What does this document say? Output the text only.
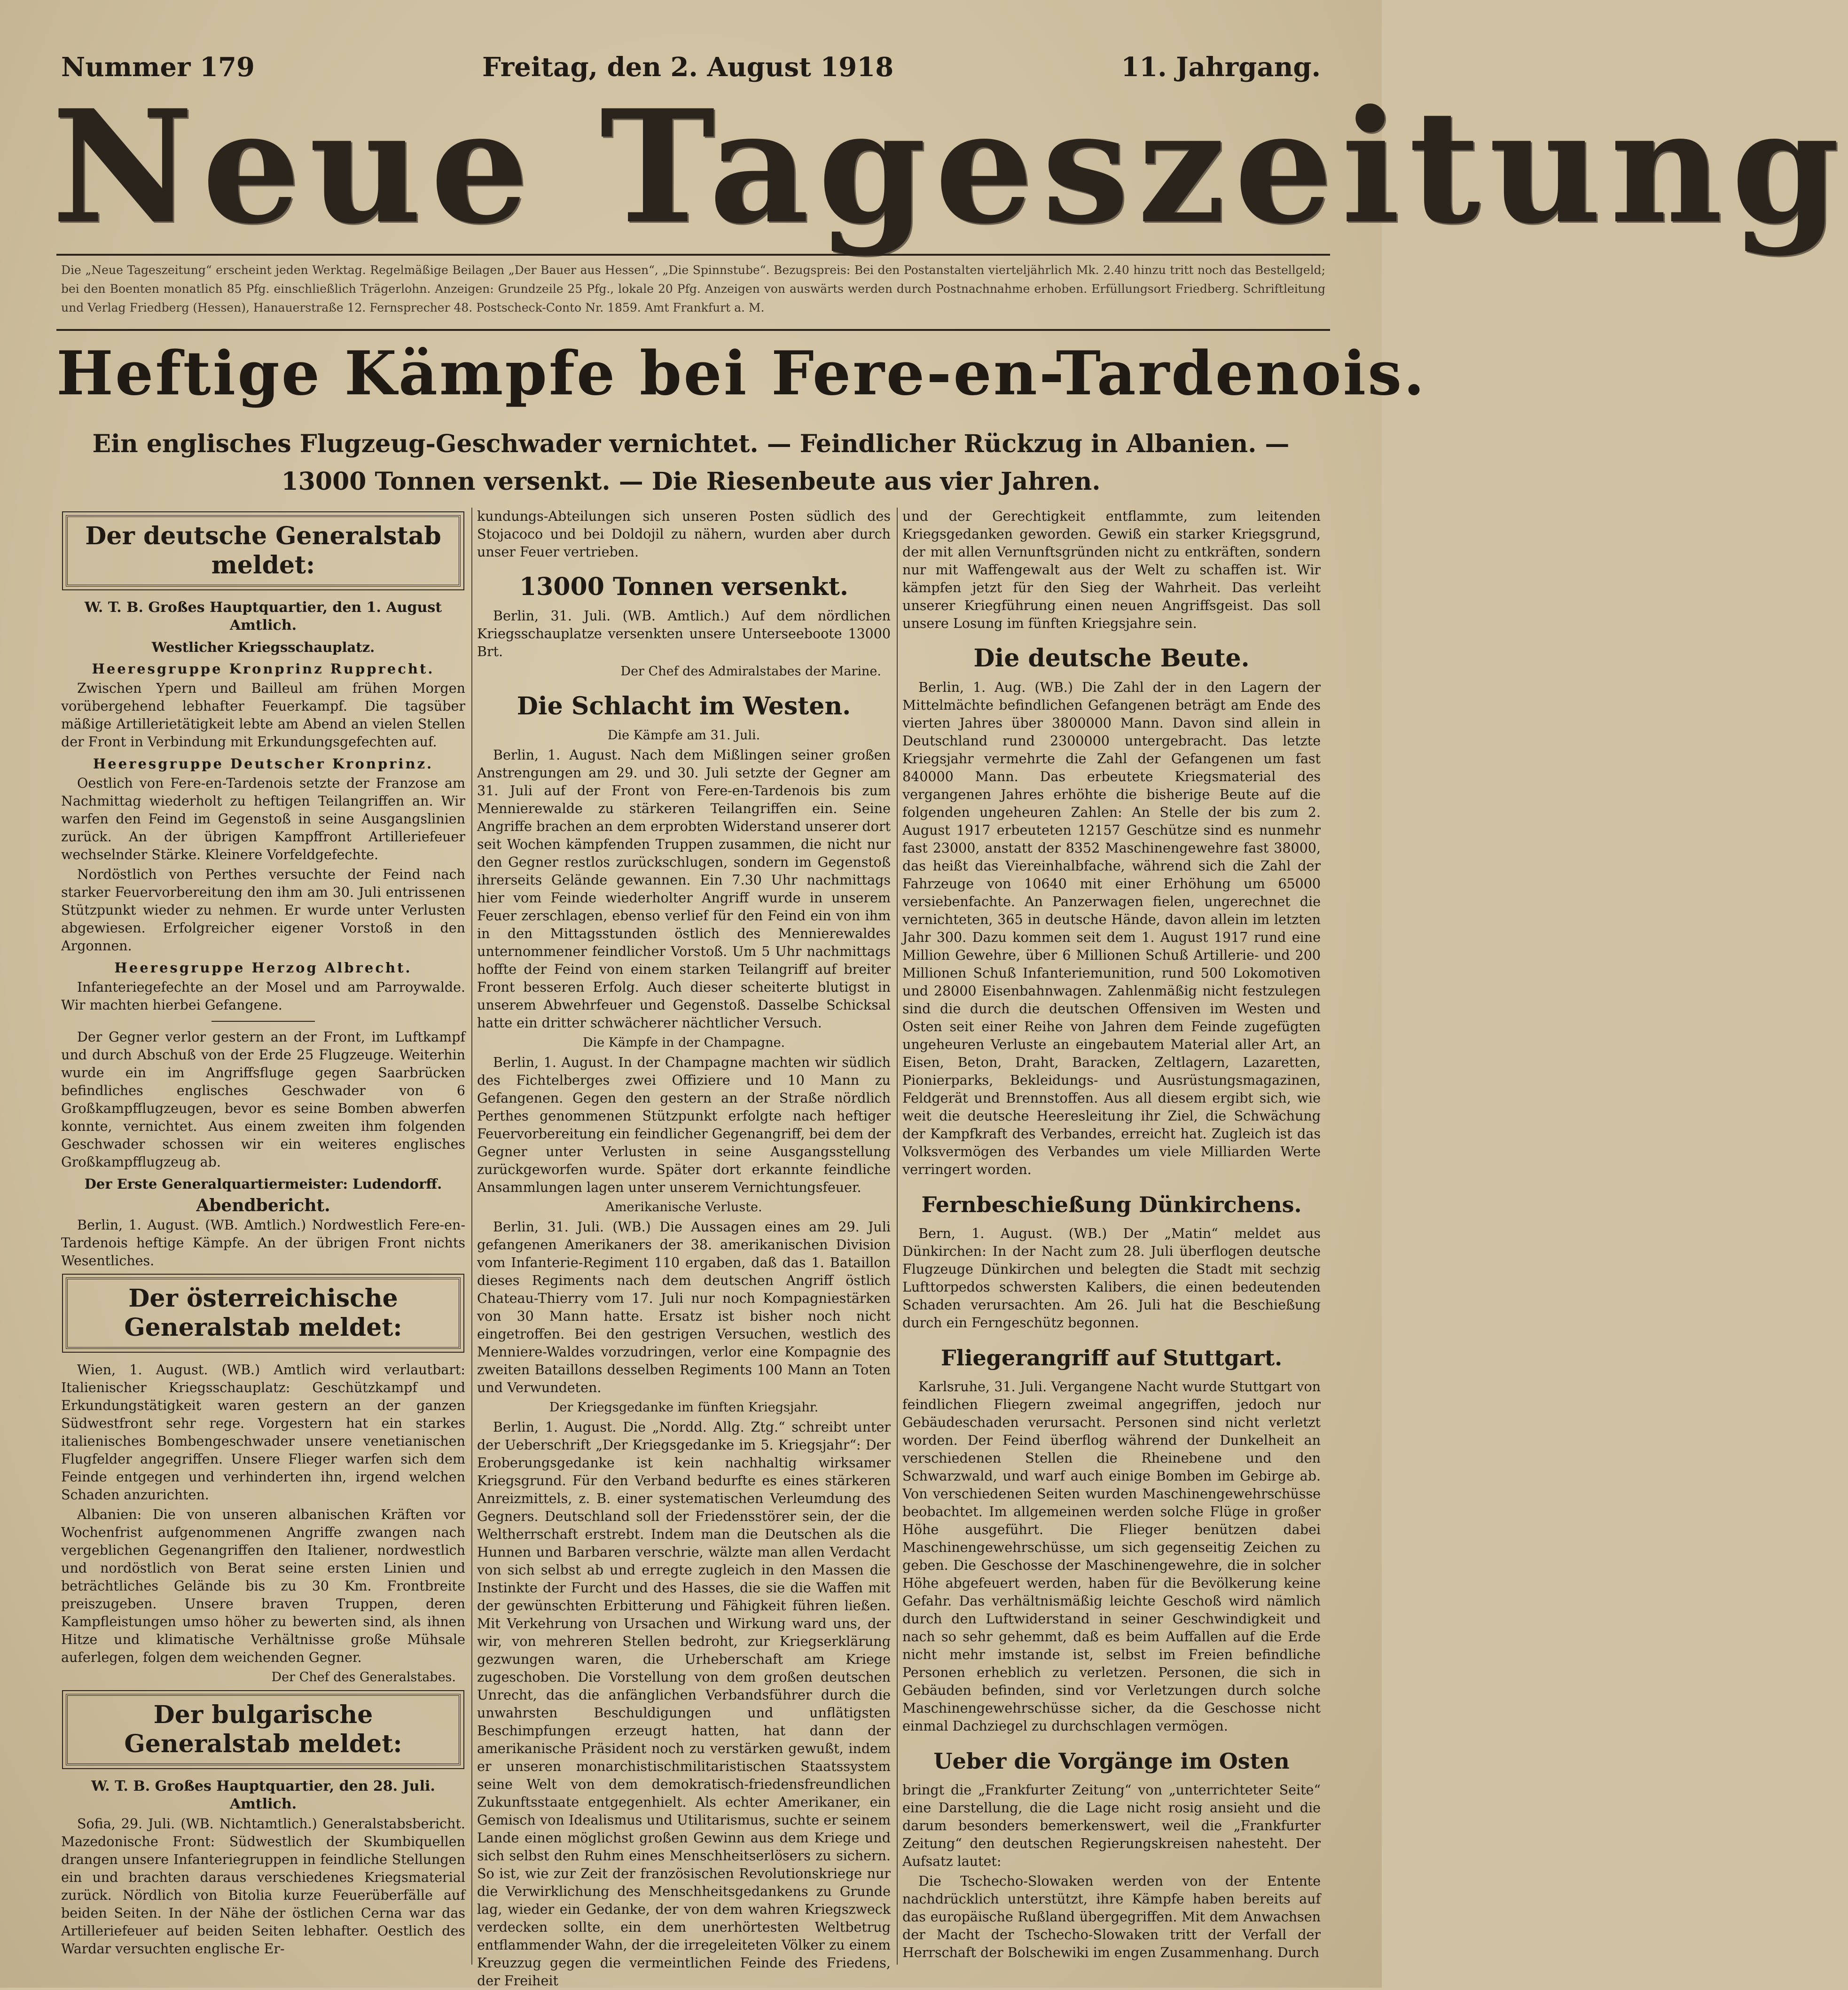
Nummer 179	Freitag, den 2. August 1918	11. Jahrgang.
Neue Tageszeitung
Die „Neue Tageszeitung“ erscheint jeden Werktag. Regelmäßige Beilagen „Der Bauer aus Hessen“, „Die Spinnstube“. Bezugspreis: Bei den Postanstalten vierteljährlich Mk. 2.40 hinzu tritt noch das Bestellgeld; bei den Boenten monatlich 85 Pfg. einschließlich Trägerlohn. Anzeigen: Grundzeile 25 Pfg., lokale 20 Pfg. Anzeigen von auswärts werden durch Postnachnahme erhoben. Erfüllungsort Friedberg. Schriftleitung und Verlag Friedberg (Hessen), Hanauerstraße 12. Fernsprecher 48. Postscheck-Conto Nr. 1859. Amt Frankfurt a. M.
Heftige Kämpfe bei Fere-en-Tardenois.
Ein englisches Flugzeug-Geschwader vernichtet. — Feindlicher Rückzug in Albanien. — 13000 Tonnen versenkt. — Die Riesenbeute aus vier Jahren.
Der deutsche Generalstab meldet:
W. T. B. Großes Hauptquartier, den 1. August Amtlich.
Westlicher Kriegsschauplatz.
Heeresgruppe Kronprinz Rupprecht.

Zwischen Ypern und Bailleul am frühen Morgen vorübergehend lebhafter Feuerkampf. Die tagsüber mäßige Artillerietätigkeit lebte am Abend an vielen Stellen der Front in Verbindung mit Erkundungsgefechten auf.

Heeresgruppe Deutscher Kronprinz.

Oestlich von Fere-en-Tardenois setzte der Franzose am Nachmittag wiederholt zu heftigen Teilangriffen an. Wir warfen den Feind im Gegenstoß in seine Ausgangslinien zurück. An der übrigen Kampffront Artilleriefeuer wechselnder Stärke. Kleinere Vorfeldgefechte.

Nordöstlich von Perthes versuchte der Feind nach starker Feuervorbereitung den ihm am 30. Juli entrissenen Stützpunkt wieder zu nehmen. Er wurde unter Verlusten abgewiesen. Erfolgreicher eigener Vorstoß in den Argonnen.

Heeresgruppe Herzog Albrecht.

Infanteriegefechte an der Mosel und am Parroywalde. Wir machten hierbei Gefangene.

Der Gegner verlor gestern an der Front, im Luftkampf und durch Abschuß von der Erde 25 Flugzeuge. Weiterhin wurde ein im Angriffsfluge gegen Saarbrücken befindliches englisches Geschwader von 6 Großkampfflugzeugen, bevor es seine Bomben abwerfen konnte, vernichtet. Aus einem zweiten ihm folgenden Geschwader schossen wir ein weiteres englisches Großkampfflugzeug ab.

Der Erste Generalquartiermeister: Ludendorff.
Abendbericht.

Berlin, 1. August. (WB. Amtlich.) Nordwestlich Fere-en-Tardenois heftige Kämpfe. An der übrigen Front nichts Wesentliches.

Der österreichische Generalstab meldet:

Wien, 1. August. (WB.) Amtlich wird verlautbart: Italienischer Kriegsschauplatz: Geschützkampf und Erkundungstätigkeit waren gestern an der ganzen Südwestfront sehr rege. Vorgestern hat ein starkes italienisches Bombengeschwader unsere venetianischen Flugfelder angegriffen. Unsere Flieger warfen sich dem Feinde entgegen und verhinderten ihn, irgend welchen Schaden anzurichten.

Albanien: Die von unseren albanischen Kräften vor Wochenfrist aufgenommenen Angriffe zwangen nach vergeblichen Gegenangriffen den Italiener, nordwestlich und nordöstlich von Berat seine ersten Linien und beträchtliches Gelände bis zu 30 Km. Frontbreite preiszugeben. Unsere braven Truppen, deren Kampfleistungen umso höher zu bewerten sind, als ihnen Hitze und klimatische Verhältnisse große Mühsale auferlegen, folgen dem weichenden Gegner.

Der Chef des Generalstabes.
Der bulgarische Generalstab meldet:
W. T. B. Großes Hauptquartier, den 28. Juli. Amtlich.

Sofia, 29. Juli. (WB. Nichtamtlich.) Generalstabsbericht. Mazedonische Front: Südwestlich der Skumbiquellen drangen unsere Infanteriegruppen in feindliche Stellungen ein und brachten daraus verschiedenes Kriegsmaterial zurück. Nördlich von Bitolia kurze Feuerüberfälle auf beiden Seiten. In der Nähe der östlichen Cerna war das Artilleriefeuer auf beiden Seiten lebhafter. Oestlich des Wardar versuchten englische Er-

kundungs-Abteilungen sich unseren Posten südlich des Stojacoco und bei Doldojil zu nähern, wurden aber durch unser Feuer vertrieben.

13000 Tonnen versenkt.

Berlin, 31. Juli. (WB. Amtlich.) Auf dem nördlichen Kriegsschauplatze versenkten unsere Unterseeboote 13000 Brt.

Der Chef des Admiralstabes der Marine.
Die Schlacht im Westen.
Die Kämpfe am 31. Juli.

Berlin, 1. August. Nach dem Mißlingen seiner großen Anstrengungen am 29. und 30. Juli setzte der Gegner am 31. Juli auf der Front von Fere-en-Tardenois bis zum Mennierewalde zu stärkeren Teilangriffen ein. Seine Angriffe brachen an dem erprobten Widerstand unserer dort seit Wochen kämpfenden Truppen zusammen, die nicht nur den Gegner restlos zurückschlugen, sondern im Gegenstoß ihrerseits Gelände gewannen. Ein 7.30 Uhr nachmittags hier vom Feinde wiederholter Angriff wurde in unserem Feuer zerschlagen, ebenso verlief für den Feind ein von ihm in den Mittagsstunden östlich des Mennierewaldes unternommener feindlicher Vorstoß. Um 5 Uhr nachmittags hoffte der Feind von einem starken Teilangriff auf breiter Front besseren Erfolg. Auch dieser scheiterte blutigst in unserem Abwehrfeuer und Gegenstoß. Dasselbe Schicksal hatte ein dritter schwächerer nächtlicher Versuch.

Die Kämpfe in der Champagne.

Berlin, 1. August. In der Champagne machten wir südlich des Fichtelberges zwei Offiziere und 10 Mann zu Gefangenen. Gegen den gestern an der Straße nördlich Perthes genommenen Stützpunkt erfolgte nach heftiger Feuervorbereitung ein feindlicher Gegenangriff, bei dem der Gegner unter Verlusten in seine Ausgangsstellung zurückgeworfen wurde. Später dort erkannte feindliche Ansammlungen lagen unter unserem Vernichtungsfeuer.

Amerikanische Verluste.

Berlin, 31. Juli. (WB.) Die Aussagen eines am 29. Juli gefangenen Amerikaners der 38. amerikanischen Division vom Infanterie-Regiment 110 ergaben, daß das 1. Bataillon dieses Regiments nach dem deutschen Angriff östlich Chateau-Thierry vom 17. Juli nur noch Kompagniestärken von 30 Mann hatte. Ersatz ist bisher noch nicht eingetroffen. Bei den gestrigen Versuchen, westlich des Menniere-Waldes vorzudringen, verlor eine Kompagnie des zweiten Bataillons desselben Regiments 100 Mann an Toten und Verwundeten.

Der Kriegsgedanke im fünften Kriegsjahr.

Berlin, 1. August. Die „Nordd. Allg. Ztg.“ schreibt unter der Ueberschrift „Der Kriegsgedanke im 5. Kriegsjahr“: Der Eroberungsgedanke ist kein nachhaltig wirksamer Kriegsgrund. Für den Verband bedurfte es eines stärkeren Anreizmittels, z. B. einer systematischen Verleumdung des Gegners. Deutschland soll der Friedensstörer sein, der die Weltherrschaft erstrebt. Indem man die Deutschen als die Hunnen und Barbaren verschrie, wälzte man allen Verdacht von sich selbst ab und erregte zugleich in den Massen die Instinkte der Furcht und des Hasses, die sie die Waffen mit der gewünschten Erbitterung und Fähigkeit führen ließen. Mit Verkehrung von Ursachen und Wirkung ward uns, der wir, von mehreren Stellen bedroht, zur Kriegserklärung gezwungen waren, die Urheberschaft am Kriege zugeschoben. Die Vorstellung von dem großen deutschen Unrecht, das die anfänglichen Verbandsführer durch die unwahrsten Beschuldigungen und unflätigsten Beschimpfungen erzeugt hatten, hat dann der amerikanische Präsident noch zu verstärken gewußt, indem er unseren monarchistischmilitaristischen Staatssystem seine Welt von dem demokratisch-friedensfreundlichen Zukunftsstaate entgegenhielt. Als echter Amerikaner, ein Gemisch von Idealismus und Utilitarismus, suchte er seinem Lande einen möglichst großen Gewinn aus dem Kriege und sich selbst den Ruhm eines Menschheitserlösers zu sichern. So ist, wie zur Zeit der französischen Revolutionskriege nur die Verwirklichung des Menschheitsgedankens zu Grunde lag, wieder ein Gedanke, der von dem wahren Kriegszweck verdecken sollte, ein dem unerhörtesten Weltbetrug entflammender Wahn, der die irregeleiteten Völker zu einem Kreuzzug gegen die vermeintlichen Feinde des Friedens, der Freiheit

und der Gerechtigkeit entflammte, zum leitenden Kriegsgedanken geworden. Gewiß ein starker Kriegsgrund, der mit allen Vernunftsgründen nicht zu entkräften, sondern nur mit Waffengewalt aus der Welt zu schaffen ist. Wir kämpfen jetzt für den Sieg der Wahrheit. Das verleiht unserer Kriegführung einen neuen Angriffsgeist. Das soll unsere Losung im fünften Kriegsjahre sein.

Die deutsche Beute.

Berlin, 1. Aug. (WB.) Die Zahl der in den Lagern der Mittelmächte befindlichen Gefangenen beträgt am Ende des vierten Jahres über 3800000 Mann. Davon sind allein in Deutschland rund 2300000 untergebracht. Das letzte Kriegsjahr vermehrte die Zahl der Gefangenen um fast 840000 Mann. Das erbeutete Kriegsmaterial des vergangenen Jahres erhöhte die bisherige Beute auf die folgenden ungeheuren Zahlen: An Stelle der bis zum 2. August 1917 erbeuteten 12157 Geschütze sind es nunmehr fast 23000, anstatt der 8352 Maschinengewehre fast 38000, das heißt das Viereinhalbfache, während sich die Zahl der Fahrzeuge von 10640 mit einer Erhöhung um 65000 versiebenfachte. An Panzerwagen fielen, ungerechnet die vernichteten, 365 in deutsche Hände, davon allein im letzten Jahr 300. Dazu kommen seit dem 1. August 1917 rund eine Million Gewehre, über 6 Millionen Schuß Artillerie- und 200 Millionen Schuß Infanteriemunition, rund 500 Lokomotiven und 28000 Eisenbahnwagen. Zahlenmäßig nicht festzulegen sind die durch die deutschen Offensiven im Westen und Osten seit einer Reihe von Jahren dem Feinde zugefügten ungeheuren Verluste an eingebautem Material aller Art, an Eisen, Beton, Draht, Baracken, Zeltlagern, Lazaretten, Pionierparks, Bekleidungs- und Ausrüstungsmagazinen, Feldgerät und Brennstoffen. Aus all diesem ergibt sich, wie weit die deutsche Heeresleitung ihr Ziel, die Schwächung der Kampfkraft des Verbandes, erreicht hat. Zugleich ist das Volksvermögen des Verbandes um viele Milliarden Werte verringert worden.

Fernbeschießung Dünkirchens.

Bern, 1. August. (WB.) Der „Matin“ meldet aus Dünkirchen: In der Nacht zum 28. Juli überflogen deutsche Flugzeuge Dünkirchen und belegten die Stadt mit sechzig Lufttorpedos schwersten Kalibers, die einen bedeutenden Schaden verursachten. Am 26. Juli hat die Beschießung durch ein Ferngeschütz begonnen.

Fliegerangriff auf Stuttgart.

Karlsruhe, 31. Juli. Vergangene Nacht wurde Stuttgart von feindlichen Fliegern zweimal angegriffen, jedoch nur Gebäudeschaden verursacht. Personen sind nicht verletzt worden. Der Feind überflog während der Dunkelheit an verschiedenen Stellen die Rheinebene und den Schwarzwald, und warf auch einige Bomben im Gebirge ab. Von verschiedenen Seiten wurden Maschinengewehrschüsse beobachtet. Im allgemeinen werden solche Flüge in großer Höhe ausgeführt. Die Flieger benützen dabei Maschinengewehrschüsse, um sich gegenseitig Zeichen zu geben. Die Geschosse der Maschinengewehre, die in solcher Höhe abgefeuert werden, haben für die Bevölkerung keine Gefahr. Das verhältnismäßig leichte Geschoß wird nämlich durch den Luftwiderstand in seiner Geschwindigkeit und nach so sehr gehemmt, daß es beim Auffallen auf die Erde nicht mehr imstande ist, selbst im Freien befindliche Personen erheblich zu verletzen. Personen, die sich in Gebäuden befinden, sind vor Verletzungen durch solche Maschinengewehrschüsse sicher, da die Geschosse nicht einmal Dachziegel zu durchschlagen vermögen.

Ueber die Vorgänge im Osten

bringt die „Frankfurter Zeitung“ von „unterrichteter Seite“ eine Darstellung, die die Lage nicht rosig ansieht und die darum besonders bemerkenswert, weil die „Frankfurter Zeitung“ den deutschen Regierungskreisen nahesteht. Der Aufsatz lautet:

Die Tschecho-Slowaken werden von der Entente nachdrücklich unterstützt, ihre Kämpfe haben bereits auf das europäische Rußland übergegriffen. Mit dem Anwachsen der Macht der Tschecho-Slowaken tritt der Verfall der Herrschaft der Bolschewiki im engen Zusammenhang. Durch
